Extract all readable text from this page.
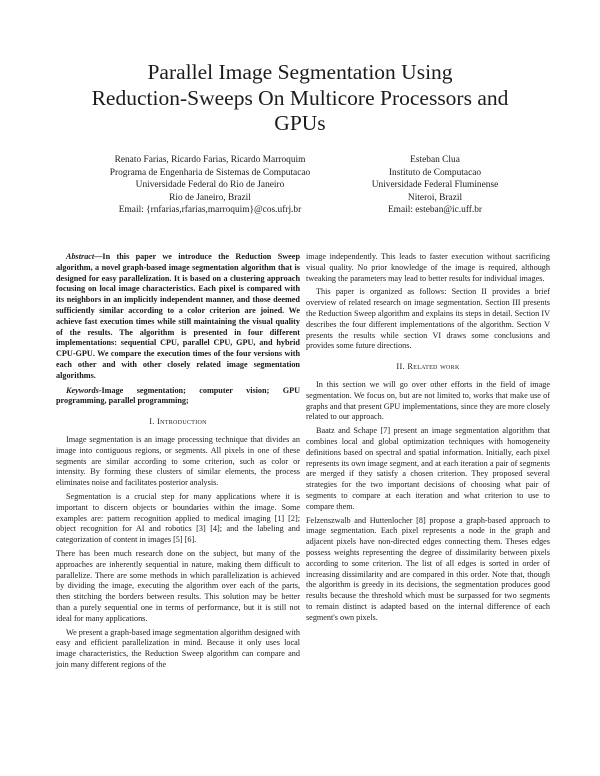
Parallel Image Segmentation Using
Reduction-Sweeps On Multicore Processors and
GPUs
Renato Farias, Ricardo Farias, Ricardo Marroquim
Programa de Engenharia de Sistemas de Computacao
Universidade Federal do Rio de Janeiro
Rio de Janeiro, Brazil
Email: {rnfarias,rfarias,marroquim}@cos.ufrj.br
Esteban Clua
Instituto de Computacao
Universidade Federal Fluminense
Niteroi, Brazil
Email: esteban@ic.uff.br

Abstract—In this paper we introduce the Reduction Sweep algorithm, a novel graph-based image segmentation algorithm that is designed for easy parallelization. It is based on a clustering approach focusing on local image characteristics. Each pixel is compared with its neighbors in an implicitly independent manner, and those deemed sufficiently similar according to a color criterion are joined. We achieve fast execution times while still maintaining the visual quality of the results. The algorithm is presented in four different implementations: sequential CPU, parallel CPU, GPU, and hybrid CPU-GPU. We compare the execution times of the four versions with each other and with other closely related image segmentation algorithms.

Keywords-Image segmentation; computer vision; GPU programming, parallel programming;

I. Introduction

Image segmentation is an image processing technique that divides an image into contiguous regions, or segments. All pixels in one of these segments are similar according to some criterion, such as color or intensity. By forming these clusters of similar elements, the process eliminates noise and facilitates posterior analysis.

Segmentation is a crucial step for many applications where it is important to discern objects or boundaries within the image. Some examples are: pattern recognition applied to medical imaging [1] [2]; object recognition for AI and robotics [3] [4]; and the labeling and categorization of content in images [5] [6].

There has been much research done on the subject, but many of the approaches are inherently sequential in nature, making them difficult to parallelize. There are some methods in which parallelization is achieved by dividing the image, executing the algorithm over each of the parts, then stitching the borders between results. This solution may be better than a purely sequential one in terms of performance, but it is still not ideal for many applications.

We present a graph-based image segmentation algorithm designed with easy and efficient parallelization in mind. Because it only uses local image characteristics, the Reduction Sweep algorithm can compare and join many different regions of the

image independently. This leads to faster execution without sacrificing visual quality. No prior knowledge of the image is required, although tweaking the parameters may lead to better results for individual images.

This paper is organized as follows: Section II provides a brief overview of related research on image segmentation. Section III presents the Reduction Sweep algorithm and explains its steps in detail. Section IV describes the four different implementations of the algorithm. Section V presents the results while section VI draws some conclusions and provides some future directions.

II. Related work

In this section we will go over other efforts in the field of image segmentation. We focus on, but are not limited to, works that make use of graphs and that present GPU implementations, since they are more closely related to our approach.

Baatz and Schape [7] present an image segmentation algorithm that combines local and global optimization techniques with homogeneity definitions based on spectral and spatial information. Initially, each pixel represents its own image segment, and at each iteration a pair of segments are merged if they satisfy a chosen criterion. They proposed several strategies for the two important decisions of choosing what pair of segments to compare at each iteration and what criterion to use to compare them.

Felzenszwalb and Huttenlocher [8] propose a graph-based approach to image segmentation. Each pixel represents a node in the graph and adjacent pixels have non-directed edges connecting them. Theses edges possess weights representing the degree of dissimilarity between pixels according to some criterion. The list of all edges is sorted in order of increasing dissimilarity and are compared in this order. Note that, though the algorithm is greedy in its decisions, the segmentation produces good results because the threshold which must be surpassed for two segments to remain distinct is adapted based on the internal difference of each segment's own pixels.
